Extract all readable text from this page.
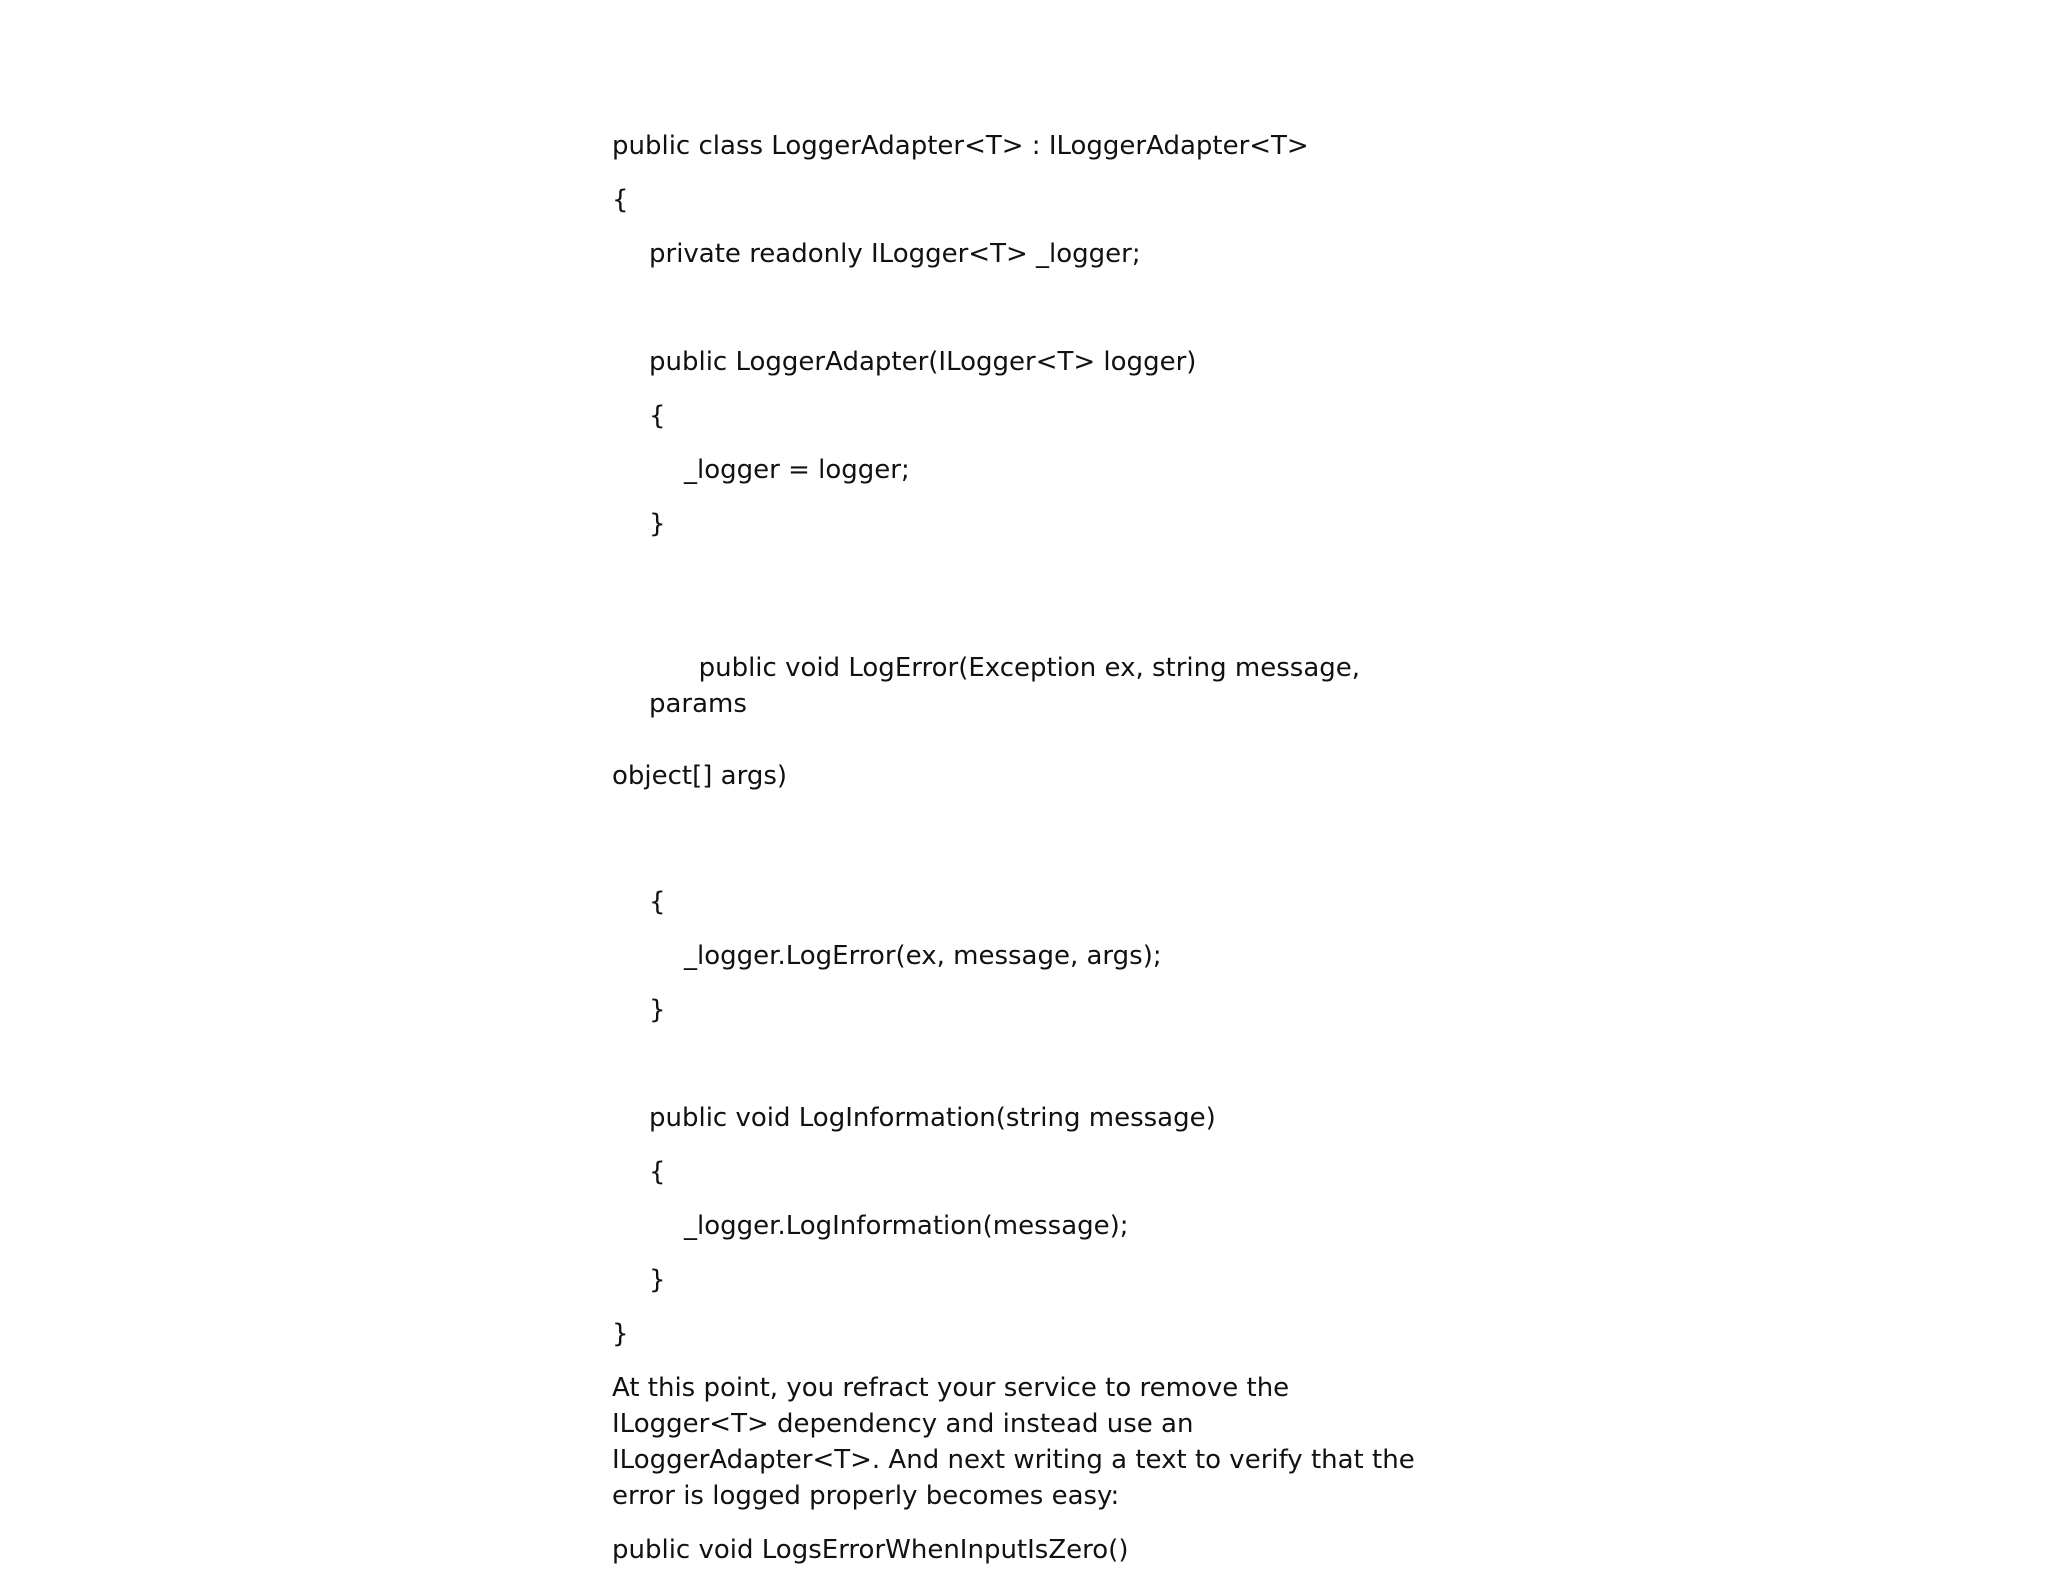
public class LoggerAdapter<T> : ILoggerAdapter<T>
{
private readonly ILogger<T> _logger;
public LoggerAdapter(ILogger<T> logger)
{
_logger = logger;
}

public void LogError(Exception ex, string message, params

object[] args)

{
_logger.LogError(ex, message, args);
}
public void LogInformation(string message)
{
_logger.LogInformation(message);
}
}

At this point, you refract your service to remove the ILogger<T> dependency and instead use an ILoggerAdapter<T>. And next writing a text to verify that the error is logged properly becomes easy:

public void LogsErrorWhenInputIsZero()
